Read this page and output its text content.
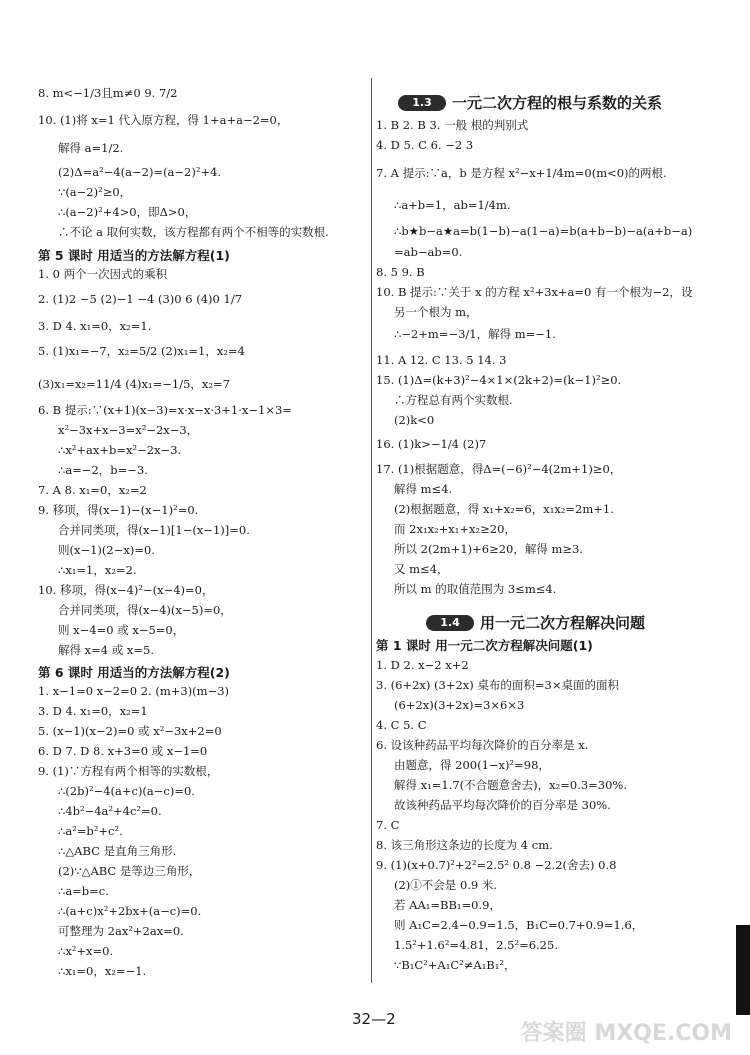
8. m<−1/3且m≠0 9. 7/2
10. (1)将 x=1 代入原方程，得 1+a+a−2=0，
解得 a=1/2.
(2)Δ=a²−4(a−2)=(a−2)²+4.
∵(a−2)²≥0，
∴(a−2)²+4>0，即Δ>0，
∴不论 a 取何实数，该方程都有两个不相等的实数根.
第 5 课时 用适当的方法解方程(1)
1. 0 两个一次因式的乘积
2. (1)2 −5 (2)−1 −4 (3)0 6 (4)0 1/7
3. D 4. x₁=0，x₂=1.
5. (1)x₁=−7，x₂=5/2 (2)x₁=1，x₂=4
(3)x₁=x₂=11/4 (4)x₁=−1/5，x₂=7
6. B 提示:∵(x+1)(x−3)=x·x−x·3+1·x−1×3=
x²−3x+x−3=x²−2x−3，
∴x²+ax+b=x²−2x−3.
∴a=−2，b=−3.
7. A 8. x₁=0，x₂=2
9. 移项，得(x−1)−(x−1)²=0.
合并同类项，得(x−1)[1−(x−1)]=0.
则(x−1)(2−x)=0.
∴x₁=1，x₂=2.
10. 移项，得(x−4)²−(x−4)=0，
合并同类项，得(x−4)(x−5)=0，
则 x−4=0 或 x−5=0，
解得 x=4 或 x=5.
第 6 课时 用适当的方法解方程(2)
1. x−1=0 x−2=0 2. (m+3)(m−3)
3. D 4. x₁=0，x₂=1
5. (x−1)(x−2)=0 或 x²−3x+2=0
6. D 7. D 8. x+3=0 或 x−1=0
9. (1)∵方程有两个相等的实数根，
∴(2b)²−4(a+c)(a−c)=0.
∴4b²−4a²+4c²=0.
∴a²=b²+c².
∴△ABC 是直角三角形.
(2)∵△ABC 是等边三角形，
∴a=b=c.
∴(a+c)x²+2bx+(a−c)=0.
可整理为 2ax²+2ax=0.
∴x²+x=0.
∴x₁=0，x₂=−1.
1. B 2. B 3. 一般 根的判别式
4. D 5. C 6. −2 3
7. A 提示:∵a，b 是方程 x²−x+1/4m=0(m<0)的两根.
∴a+b=1，ab=1/4m.
∴b★b−a★a=b(1−b)−a(1−a)=b(a+b−b)−a(a+b−a)
=ab−ab=0.
8. 5 9. B
10. B 提示:∵关于 x 的方程 x²+3x+a=0 有一个根为−2，设
另一个根为 m，
∴−2+m=−3/1，解得 m=−1.
11. A 12. C 13. 5 14. 3
15. (1)Δ=(k+3)²−4×1×(2k+2)=(k−1)²≥0.
∴方程总有两个实数根.
(2)k<0
16. (1)k>−1/4 (2)7
17. (1)根据题意，得Δ=(−6)²−4(2m+1)≥0，
解得 m≤4.
(2)根据题意，得 x₁+x₂=6，x₁x₂=2m+1.
而 2x₁x₂+x₁+x₂≥20，
所以 2(2m+1)+6≥20，解得 m≥3.
又 m≤4，
所以 m 的取值范围为 3≤m≤4.
第 1 课时 用一元二次方程解决问题(1)
1. D 2. x−2 x+2
3. (6+2x) (3+2x) 桌布的面积=3×桌面的面积
(6+2x)(3+2x)=3×6×3
4. C 5. C
6. 设该种药品平均每次降价的百分率是 x.
由题意，得 200(1−x)²=98，
解得 x₁=1.7(不合题意舍去)，x₂=0.3=30%.
故该种药品平均每次降价的百分率是 30%.
7. C
8. 该三角形这条边的长度为 4 cm.
9. (1)(x+0.7)²+2²=2.5² 0.8 −2.2(舍去) 0.8
(2)①不会是 0.9 米.
若 AA₁=BB₁=0.9，
则 A₁C=2.4−0.9=1.5，B₁C=0.7+0.9=1.6，
1.5²+1.6²=4.81，2.5²=6.25.
∵B₁C²+A₁C²≠A₁B₁²，
1.3	一元二次方程的根与系数的关系
1.4	用一元二次方程解决问题
32—2
答案圈 MXQE.COM
